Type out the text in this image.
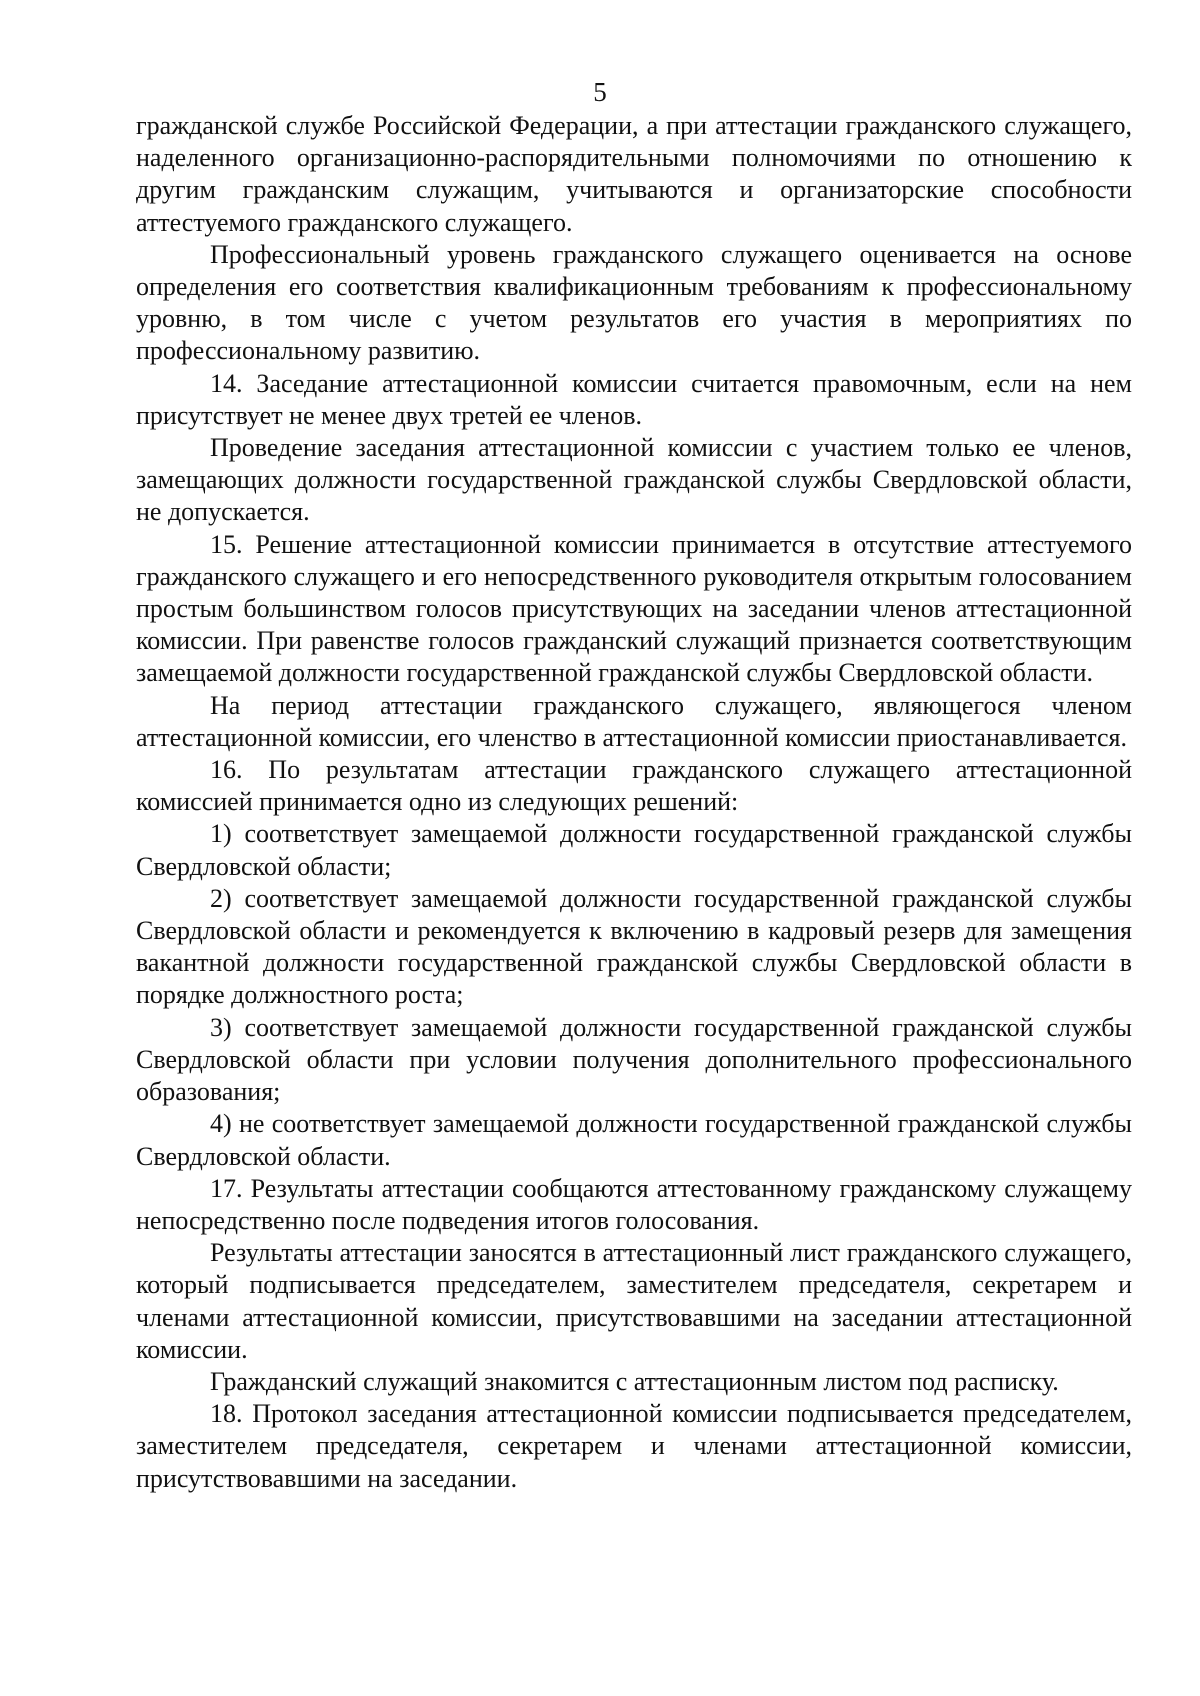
5

гражданской службе Российской Федерации, а при аттестации гражданского служащего, наделенного организационно-распорядительными полномочиями по отношению к другим гражданским служащим, учитываются и организаторские способности аттестуемого гражданского служащего.

Профессиональный уровень гражданского служащего оценивается на основе определения его соответствия квалификационным требованиям к профессиональному уровню, в том числе с учетом результатов его участия в мероприятиях по профессиональному развитию.

14. Заседание аттестационной комиссии считается правомочным, если на нем присутствует не менее двух третей ее членов.

Проведение заседания аттестационной комиссии с участием только ее членов, замещающих должности государственной гражданской службы Свердловской области, не допускается.

15. Решение аттестационной комиссии принимается в отсутствие аттестуемого гражданского служащего и его непосредственного руководителя открытым голосованием простым большинством голосов присутствующих на заседании членов аттестационной комиссии. При равенстве голосов гражданский служащий признается соответствующим замещаемой должности государственной гражданской службы Свердловской области.

На период аттестации гражданского служащего, являющегося членом аттестационной комиссии, его членство в аттестационной комиссии приостанавливается.

16. По результатам аттестации гражданского служащего аттестационной комиссией принимается одно из следующих решений:

1) соответствует замещаемой должности государственной гражданской службы Свердловской области;

2) соответствует замещаемой должности государственной гражданской службы Свердловской области и рекомендуется к включению в кадровый резерв для замещения вакантной должности государственной гражданской службы Свердловской области в порядке должностного роста;

3) соответствует замещаемой должности государственной гражданской службы Свердловской области при условии получения дополнительного профессионального образования;

4) не соответствует замещаемой должности государственной гражданской службы Свердловской области.

17. Результаты аттестации сообщаются аттестованному гражданскому служащему непосредственно после подведения итогов голосования.

Результаты аттестации заносятся в аттестационный лист гражданского служащего, который подписывается председателем, заместителем председателя, секретарем и членами аттестационной комиссии, присутствовавшими на заседании аттестационной комиссии.

Гражданский служащий знакомится с аттестационным листом под расписку.

18. Протокол заседания аттестационной комиссии подписывается председателем, заместителем председателя, секретарем и членами аттестационной комиссии, присутствовавшими на заседании.
